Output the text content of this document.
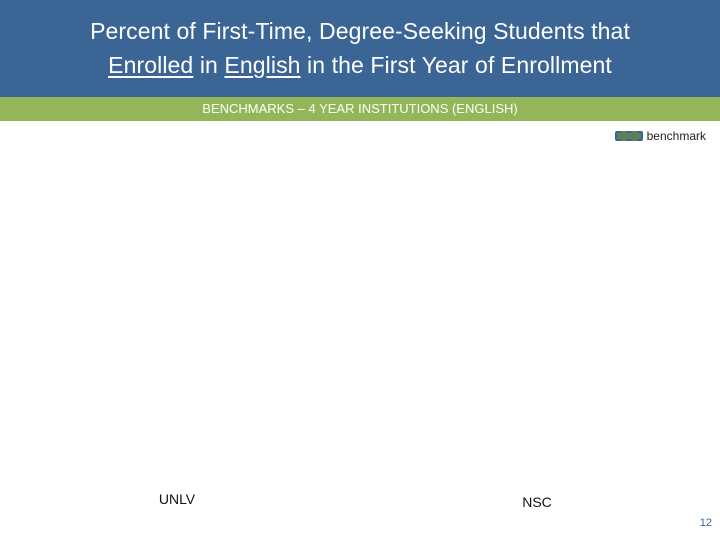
Percent of First-Time, Degree-Seeking Students that
Enrolled in English in the First Year of Enrollment
BENCHMARKS – 4 YEAR INSTITUTIONS (ENGLISH)
benchmark
UNLV	NSC
12
